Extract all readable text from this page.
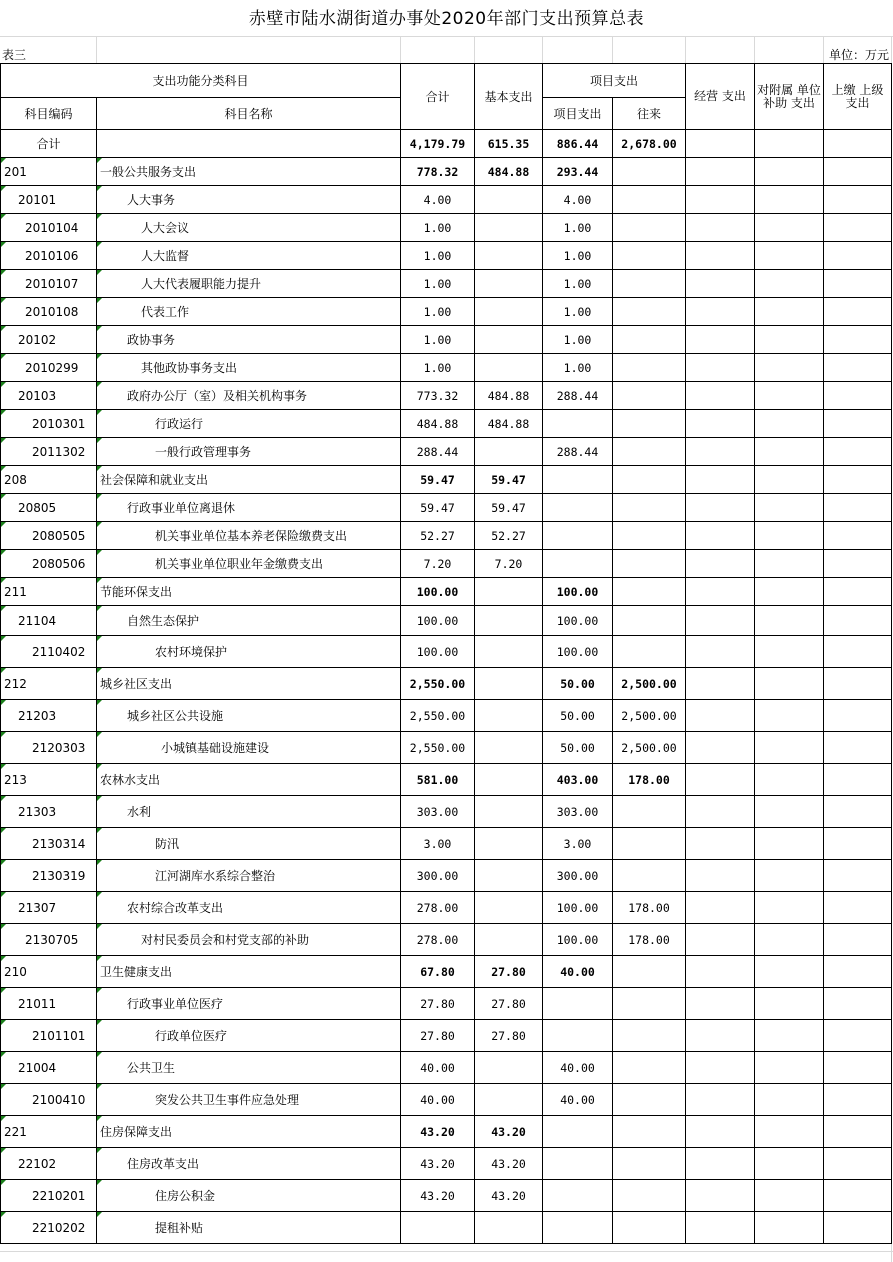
赤壁市陆水湖街道办事处2020年部门支出预算总表
表三	单位：万元
支出功能分类科目		合计	基本支出	项目支出		经营 支出	对附属 单位 补助 支出	上缴 上级 支出

科目编码	科目名称			项目支出	往来			
合计		4,179.79	615.35	886.44	2,678.00			

201	一般公共服务支出	778.32	484.88	293.44				

20101	人大事务	4.00		4.00				

2010104	人大会议	1.00		1.00				

2010106	人大监督	1.00		1.00				

2010107	人大代表履职能力提升	1.00		1.00				

2010108	代表工作	1.00		1.00				

20102	政协事务	1.00		1.00				

2010299	其他政协事务支出	1.00		1.00				

20103	政府办公厅（室）及相关机构事务	773.32	484.88	288.44				

2010301	行政运行	484.88	484.88					

2011302	一般行政管理事务	288.44		288.44				

208	社会保障和就业支出	59.47	59.47					

20805	行政事业单位离退休	59.47	59.47					

2080505	机关事业单位基本养老保险缴费支出	52.27	52.27					

2080506	机关事业单位职业年金缴费支出	7.20	7.20					

211	节能环保支出	100.00		100.00				

21104	自然生态保护	100.00		100.00				

2110402	农村环境保护	100.00		100.00				

212	城乡社区支出	2,550.00		50.00	2,500.00			

21203	城乡社区公共设施	2,550.00		50.00	2,500.00			

2120303	小城镇基础设施建设	2,550.00		50.00	2,500.00			

213	农林水支出	581.00		403.00	178.00			

21303	水利	303.00		303.00				

2130314	防汛	3.00		3.00				

2130319	江河湖库水系综合整治	300.00		300.00				

21307	农村综合改革支出	278.00		100.00	178.00			

2130705	对村民委员会和村党支部的补助	278.00		100.00	178.00			

210	卫生健康支出	67.80	27.80	40.00				

21011	行政事业单位医疗	27.80	27.80					

2101101	行政单位医疗	27.80	27.80					

21004	公共卫生	40.00		40.00				

2100410	突发公共卫生事件应急处理	40.00		40.00				

221	住房保障支出	43.20	43.20					

22102	住房改革支出	43.20	43.20					

2210201	住房公积金	43.20	43.20					

2210202	提租补贴							
